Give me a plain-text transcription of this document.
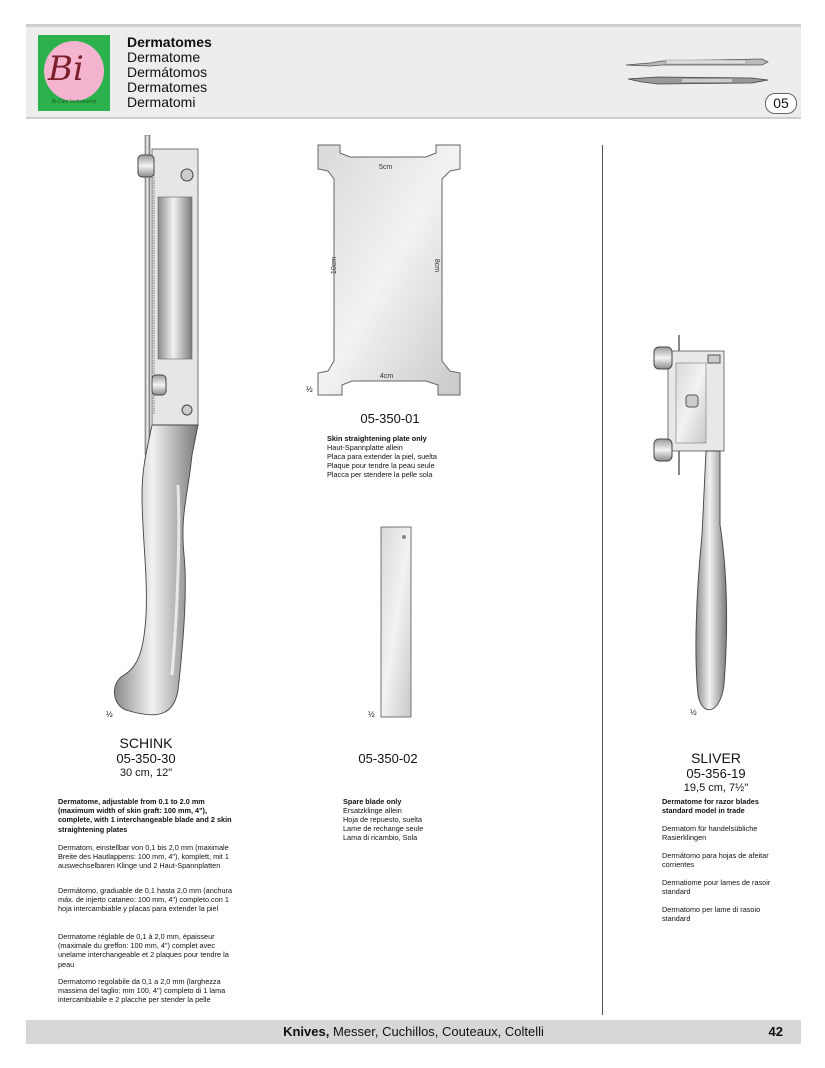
Bi
Bi-Care Instruments
Dermatomes
Dermatome
Dermátomos
Dermatomes
Dermatomi	05
½
5cm
4cm
10cm	8cm
½
½	½
SCHINK
05-350-30
30 cm, 12"
Dermatome, adjustable from 0.1 to 2.0 mm (maximum width of skin graft: 100 mm, 4"), complete, with 1 interchangeable blade and 2 skin straightening plates
Dermatom, einstellbar von 0,1 bis 2,0 mm (maximale Breite des Hautlappens: 100 mm, 4"), komplett, mit 1 auswechselbaren Klinge und 2 Haut-Spannplatten
Dermátomo, graduable de 0,1 hasta 2,0 mm (anchura máx. de injerto cataneo: 100 mm, 4") completo.con 1 hoja intercambiable y placas para extender la piel
Dermatome réglable de 0,1 à 2,0 mm, épaisseur (maximale du greffon: 100 mm, 4") complet avec unelame interchangeable et 2 plaques pour tendre la peau
Dermatomo regolabile da 0,1 a 2,0 mm (larghezza massima del taglio: mm 100, 4") completo di 1 lama intercambiabile e 2 placche per stender la pelle
05-350-01
Skin straightening plate only
Haut-Spannplatte allein
Placa para extender la piel, suelta
Plaque pour tendre la peau seule
Placca per stendere la pelle sola
05-350-02
Spare blade only
Ersatzklinge allein
Hoja de repuesto, suelta
Lame de rechange seule
Lama di ricambio, Sola
SLIVER
05-356-19
19,5 cm, 7½"
Dermatome for razor blades standard model in trade
Dermatom für handelsübliche Rasierklingen
Dermátomo para hojas de afeitar corrientes
Dermatiome pour lames de rasoir standard
Dermatomo per lame di rasoio standard
Knives, Messer, Cuchillos, Couteaux, Coltelli	42
